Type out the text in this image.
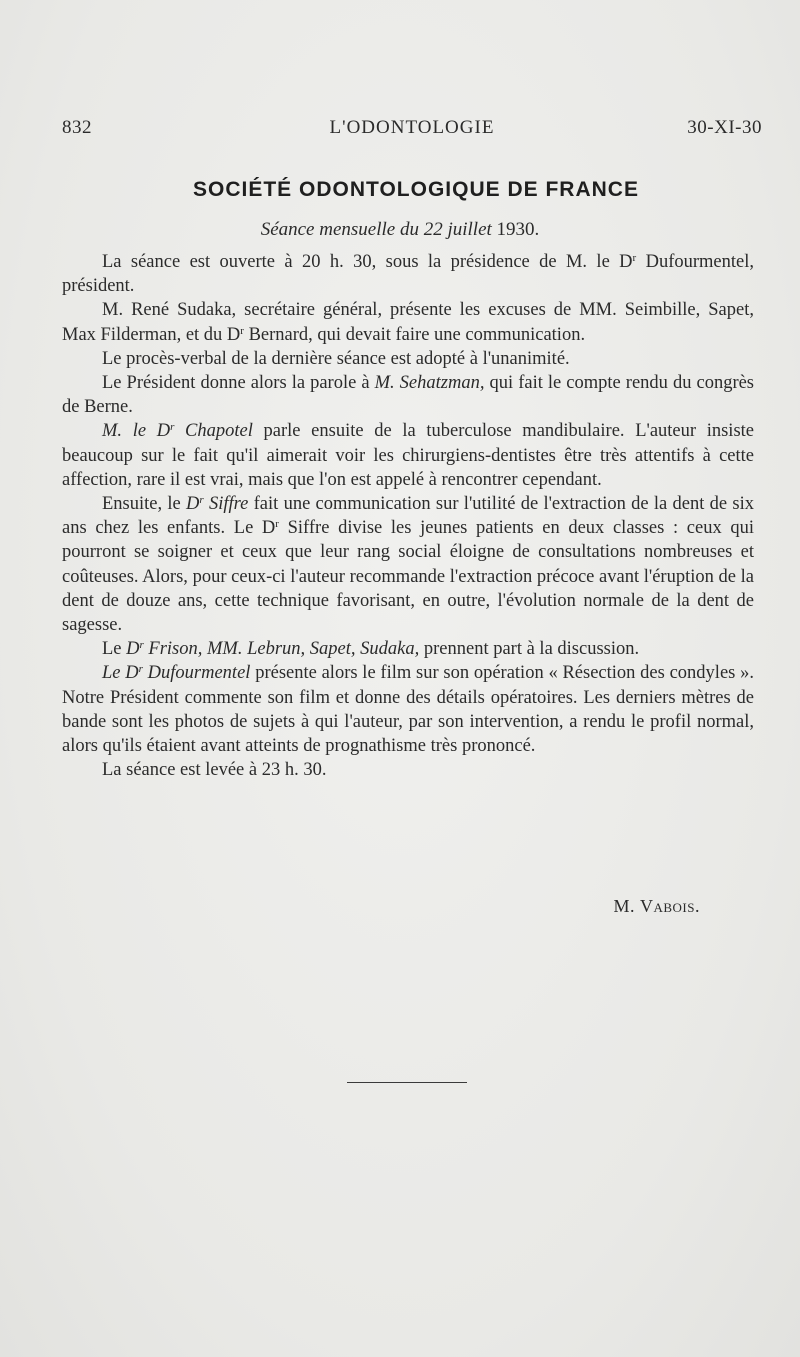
832	L'ODONTOLOGIE	30-XI-30
SOCIÉTÉ ODONTOLOGIQUE DE FRANCE
Séance mensuelle du 22 juillet 1930.

La séance est ouverte à 20 h. 30, sous la présidence de M. le $D^r$ Dufourmentel, président.

M. René Sudaka, secrétaire général, présente les excuses de MM. Seimbille, Sapet, Max Filderman, et du $D^r$ Bernard, qui devait faire une communication.

Le procès-verbal de la dernière séance est adopté à l'unanimité.

Le Président donne alors la parole à M. Sehatzman, qui fait le compte rendu du congrès de Berne.

M. le $D^r$ Chapotel parle ensuite de la tuberculose mandibulaire. L'auteur insiste beaucoup sur le fait qu'il aimerait voir les chirurgiens-dentistes être très attentifs à cette affection, rare il est vrai, mais que l'on est appelé à rencontrer cependant.

Ensuite, le $D^r$ Siffre fait une communication sur l'utilité de l'extraction de la dent de six ans chez les enfants. Le $D^r$ Siffre divise les jeunes patients en deux classes : ceux qui pourront se soigner et ceux que leur rang social éloigne de consultations nombreuses et coûteuses. Alors, pour ceux-ci l'auteur recommande l'extraction précoce avant l'éruption de la dent de douze ans, cette technique favorisant, en outre, l'évolution normale de la dent de sagesse.

Le $D^r$ Frison, MM. Lebrun, Sapet, Sudaka, prennent part à la discussion.

Le $D^r$ Dufourmentel présente alors le film sur son opération « Résection des condyles ». Notre Président commente son film et donne des détails opératoires. Les derniers mètres de bande sont les photos de sujets à qui l'auteur, par son intervention, a rendu le profil normal, alors qu'ils étaient avant atteints de prognathisme très prononcé.

La séance est levée à 23 h. 30.

M. Vabois.
